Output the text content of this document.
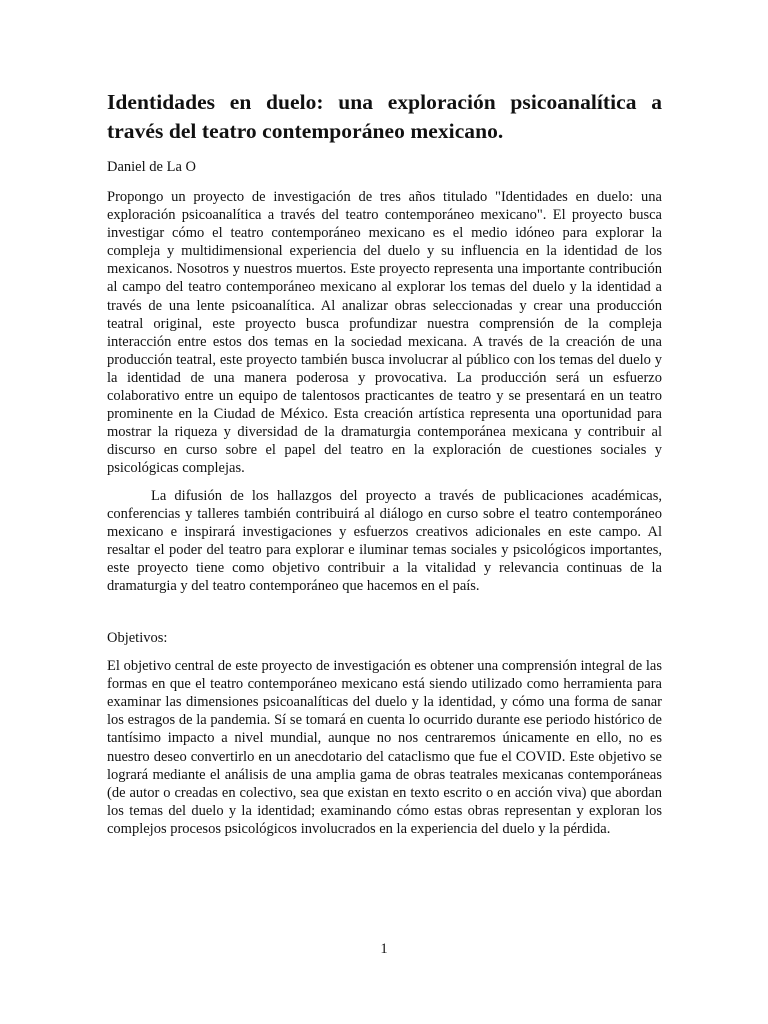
Identidades en duelo: una exploración psicoanalítica a través del teatro contemporáneo mexicano.

Daniel de La O

Propongo un proyecto de investigación de tres años titulado "Identidades en duelo: una exploración psicoanalítica a través del teatro contemporáneo mexicano". El proyecto busca investigar cómo el teatro contemporáneo mexicano es el medio idóneo para explorar la compleja y multidimensional experiencia del duelo y su influencia en la identidad de los mexicanos. Nosotros y nuestros muertos. Este proyecto representa una importante contribución al campo del teatro contemporáneo mexicano al explorar los temas del duelo y la identidad a través de una lente psicoanalítica. Al analizar obras seleccionadas y crear una producción teatral original, este proyecto busca profundizar nuestra comprensión de la compleja interacción entre estos dos temas en la sociedad mexicana. A través de la creación de una producción teatral, este proyecto también busca involucrar al público con los temas del duelo y la identidad de una manera poderosa y provocativa. La producción será un esfuerzo colaborativo entre un equipo de talentosos practicantes de teatro y se presentará en un teatro prominente en la Ciudad de México. Esta creación artística representa una oportunidad para mostrar la riqueza y diversidad de la dramaturgia contemporánea mexicana y contribuir al discurso en curso sobre el papel del teatro en la exploración de cuestiones sociales y psicológicas complejas.

La difusión de los hallazgos del proyecto a través de publicaciones académicas, conferencias y talleres también contribuirá al diálogo en curso sobre el teatro contemporáneo mexicano e inspirará investigaciones y esfuerzos creativos adicionales en este campo. Al resaltar el poder del teatro para explorar e iluminar temas sociales y psicológicos importantes, este proyecto tiene como objetivo contribuir a la vitalidad y relevancia continuas de la dramaturgia y del teatro contemporáneo que hacemos en el país.

Objetivos:

El objetivo central de este proyecto de investigación es obtener una comprensión integral de las formas en que el teatro contemporáneo mexicano está siendo utilizado como herramienta para examinar las dimensiones psicoanalíticas del duelo y la identidad, y cómo una forma de sanar los estragos de la pandemia. Sí se tomará en cuenta lo ocurrido durante ese periodo histórico de tantísimo impacto a nivel mundial, aunque no nos centraremos únicamente en ello, no es nuestro deseo convertirlo en un anecdotario del cataclismo que fue el COVID. Este objetivo se logrará mediante el análisis de una amplia gama de obras teatrales mexicanas contemporáneas (de autor o creadas en colectivo, sea que existan en texto escrito o en acción viva) que abordan los temas del duelo y la identidad; examinando cómo estas obras representan y exploran los complejos procesos psicológicos involucrados en la experiencia del duelo y la pérdida.

1
